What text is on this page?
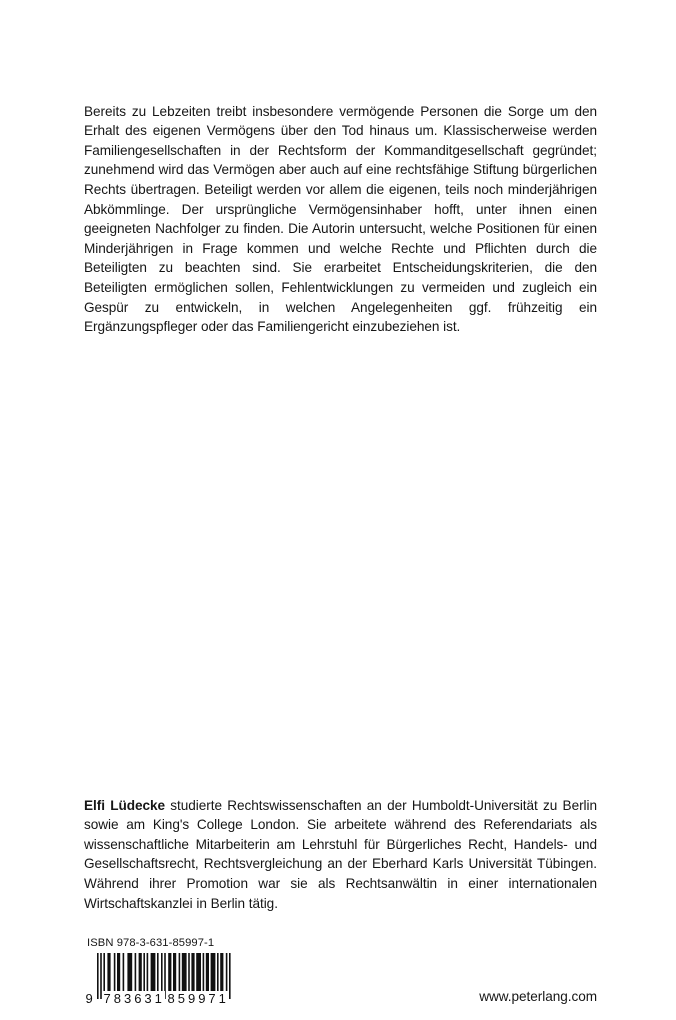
Bereits zu Lebzeiten treibt insbesondere vermögende Personen die Sorge um den Erhalt des eigenen Vermögens über den Tod hinaus um. Klassischerweise werden Familiengesellschaften in der Rechtsform der Kommanditgesellschaft gegründet; zunehmend wird das Vermögen aber auch auf eine rechtsfähige Stiftung bürgerlichen Rechts übertragen. Beteiligt werden vor allem die eigenen, teils noch minderjährigen Abkömmlinge. Der ursprüngliche Vermögensinhaber hofft, unter ihnen einen geeigneten Nachfolger zu finden. Die Autorin untersucht, welche Positionen für einen Minderjährigen in Frage kommen und welche Rechte und Pflichten durch die Beteiligten zu beachten sind. Sie erarbeitet Entscheidungskriterien, die den Beteiligten ermöglichen sollen, Fehlentwicklungen zu vermeiden und zugleich ein Gespür zu entwickeln, in welchen Angelegenheiten ggf. frühzeitig ein Ergänzungspfleger oder das Familiengericht einzubeziehen ist.

Elfi Lüdecke studierte Rechtswissenschaften an der Humboldt-Universität zu Berlin sowie am King's College London. Sie arbeitete während des Referendariats als wissenschaftliche Mitarbeiterin am Lehrstuhl für Bürgerliches Recht, Handels- und Gesellschaftsrecht, Rechtsvergleichung an der Eberhard Karls Universität Tübingen. Während ihrer Promotion war sie als Rechtsanwältin in einer internationalen Wirtschaftskanzlei in Berlin tätig.

ISBN 978-3-631-85997-1
9 783631 859971	www.peterlang.com
